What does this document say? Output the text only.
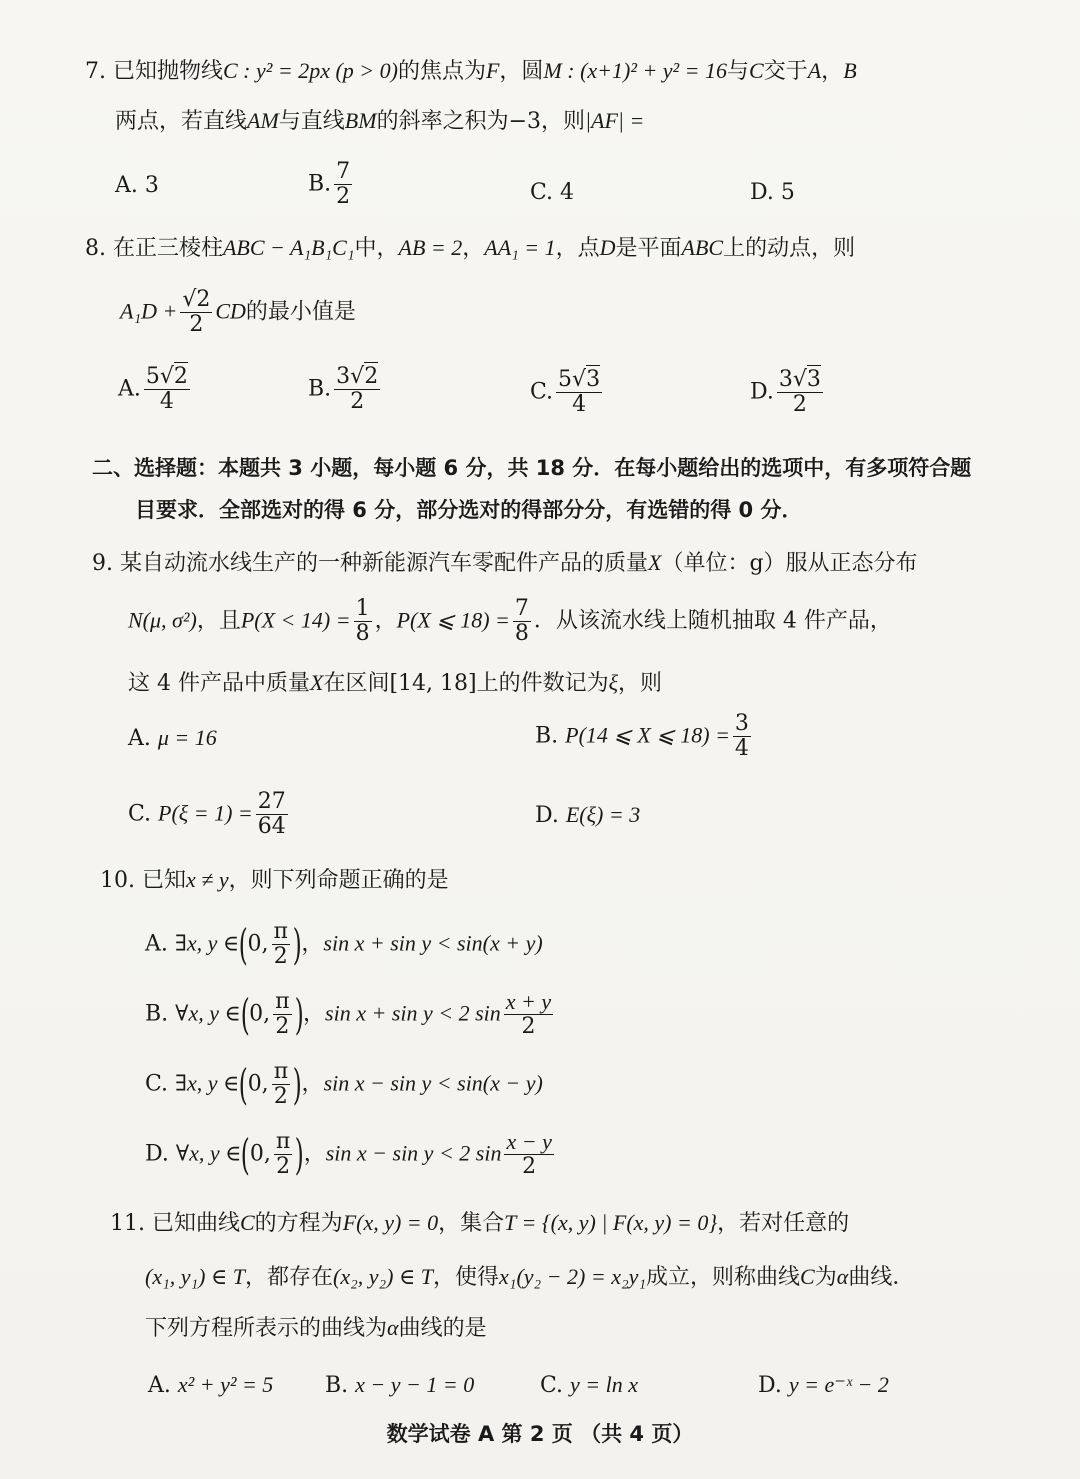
7. 已知抛物线C : y² = 2px (p > 0)的焦点为F，圆M : (x+1)² + y² = 16与C交于A，B
两点，若直线AM与直线BM的斜率之积为−3，则|AF| =
A. 3	B. $\frac{7}{2}$	C. 4	D. 5
8. 在正三棱柱ABC − A₁B₁C₁中，AB = 2，AA₁ = 1，点D是平面ABC上的动点，则
$A_1D + \frac{√2}{2}$ CD的最小值是
A. $\frac{5√2}{4}$	B. $\frac{3√2}{2}$	C. $\frac{5√3}{4}$	D. $\frac{3√3}{2}$
二、选择题：本题共 3 小题，每小题 6 分，共 18 分．在每小题给出的选项中，有多项符合题
目要求．全部选对的得 6 分，部分选对的得部分分，有选错的得 0 分．
9. 某自动流水线生产的一种新能源汽车零配件产品的质量X（单位：g）服从正态分布
N(μ, σ²)，且$P(X < 14) = \frac{1}{8}$ ，P(X ⩽ $18) = \frac{7}{8}$ ．从该流水线上随机抽取 4 件产品，
这 4 件产品中质量X在区间[14, 18]上的件数记为ξ，则
A. μ = 16	B. P(14 ⩽ X ⩽ $18) = \frac{3}{4}$
C. $P(\xi = 1) = \frac{27}{64}$	D. E(ξ) = 3
10. 已知x ≠ y，则下列命题正确的是
A. ∃x, y ∈(0, $\frac{\pi}{2}$ )，sin x + sin y < sin(x + y)
B. ∀x, y ∈(0, $\frac{\pi}{2}$ )，sin x + sin y < 2 $\sin \frac{x + y}{2}$
C. ∃x, y ∈(0, $\frac{\pi}{2}$ )，sin x − sin y < sin(x − y)
D. ∀x, y ∈(0, $\frac{\pi}{2}$ )，sin x − sin y < 2 $\sin \frac{x - y}{2}$
11. 已知曲线C的方程为F(x, y) = 0，集合T = {(x, y) | F(x, y) = 0}，若对任意的
(x₁, y₁) ∈ T，都存在(x₂, y₂) ∈ T，使得x₁(y₂ − 2) = x₂y₁成立，则称曲线C为α曲线．
下列方程所表示的曲线为α曲线的是
A. x² + y² = 5 B. x − y − 1 = 0	C. y = ln x	D. y = e⁻ˣ − 2
数学试卷 A 第 2 页 （共 4 页）
